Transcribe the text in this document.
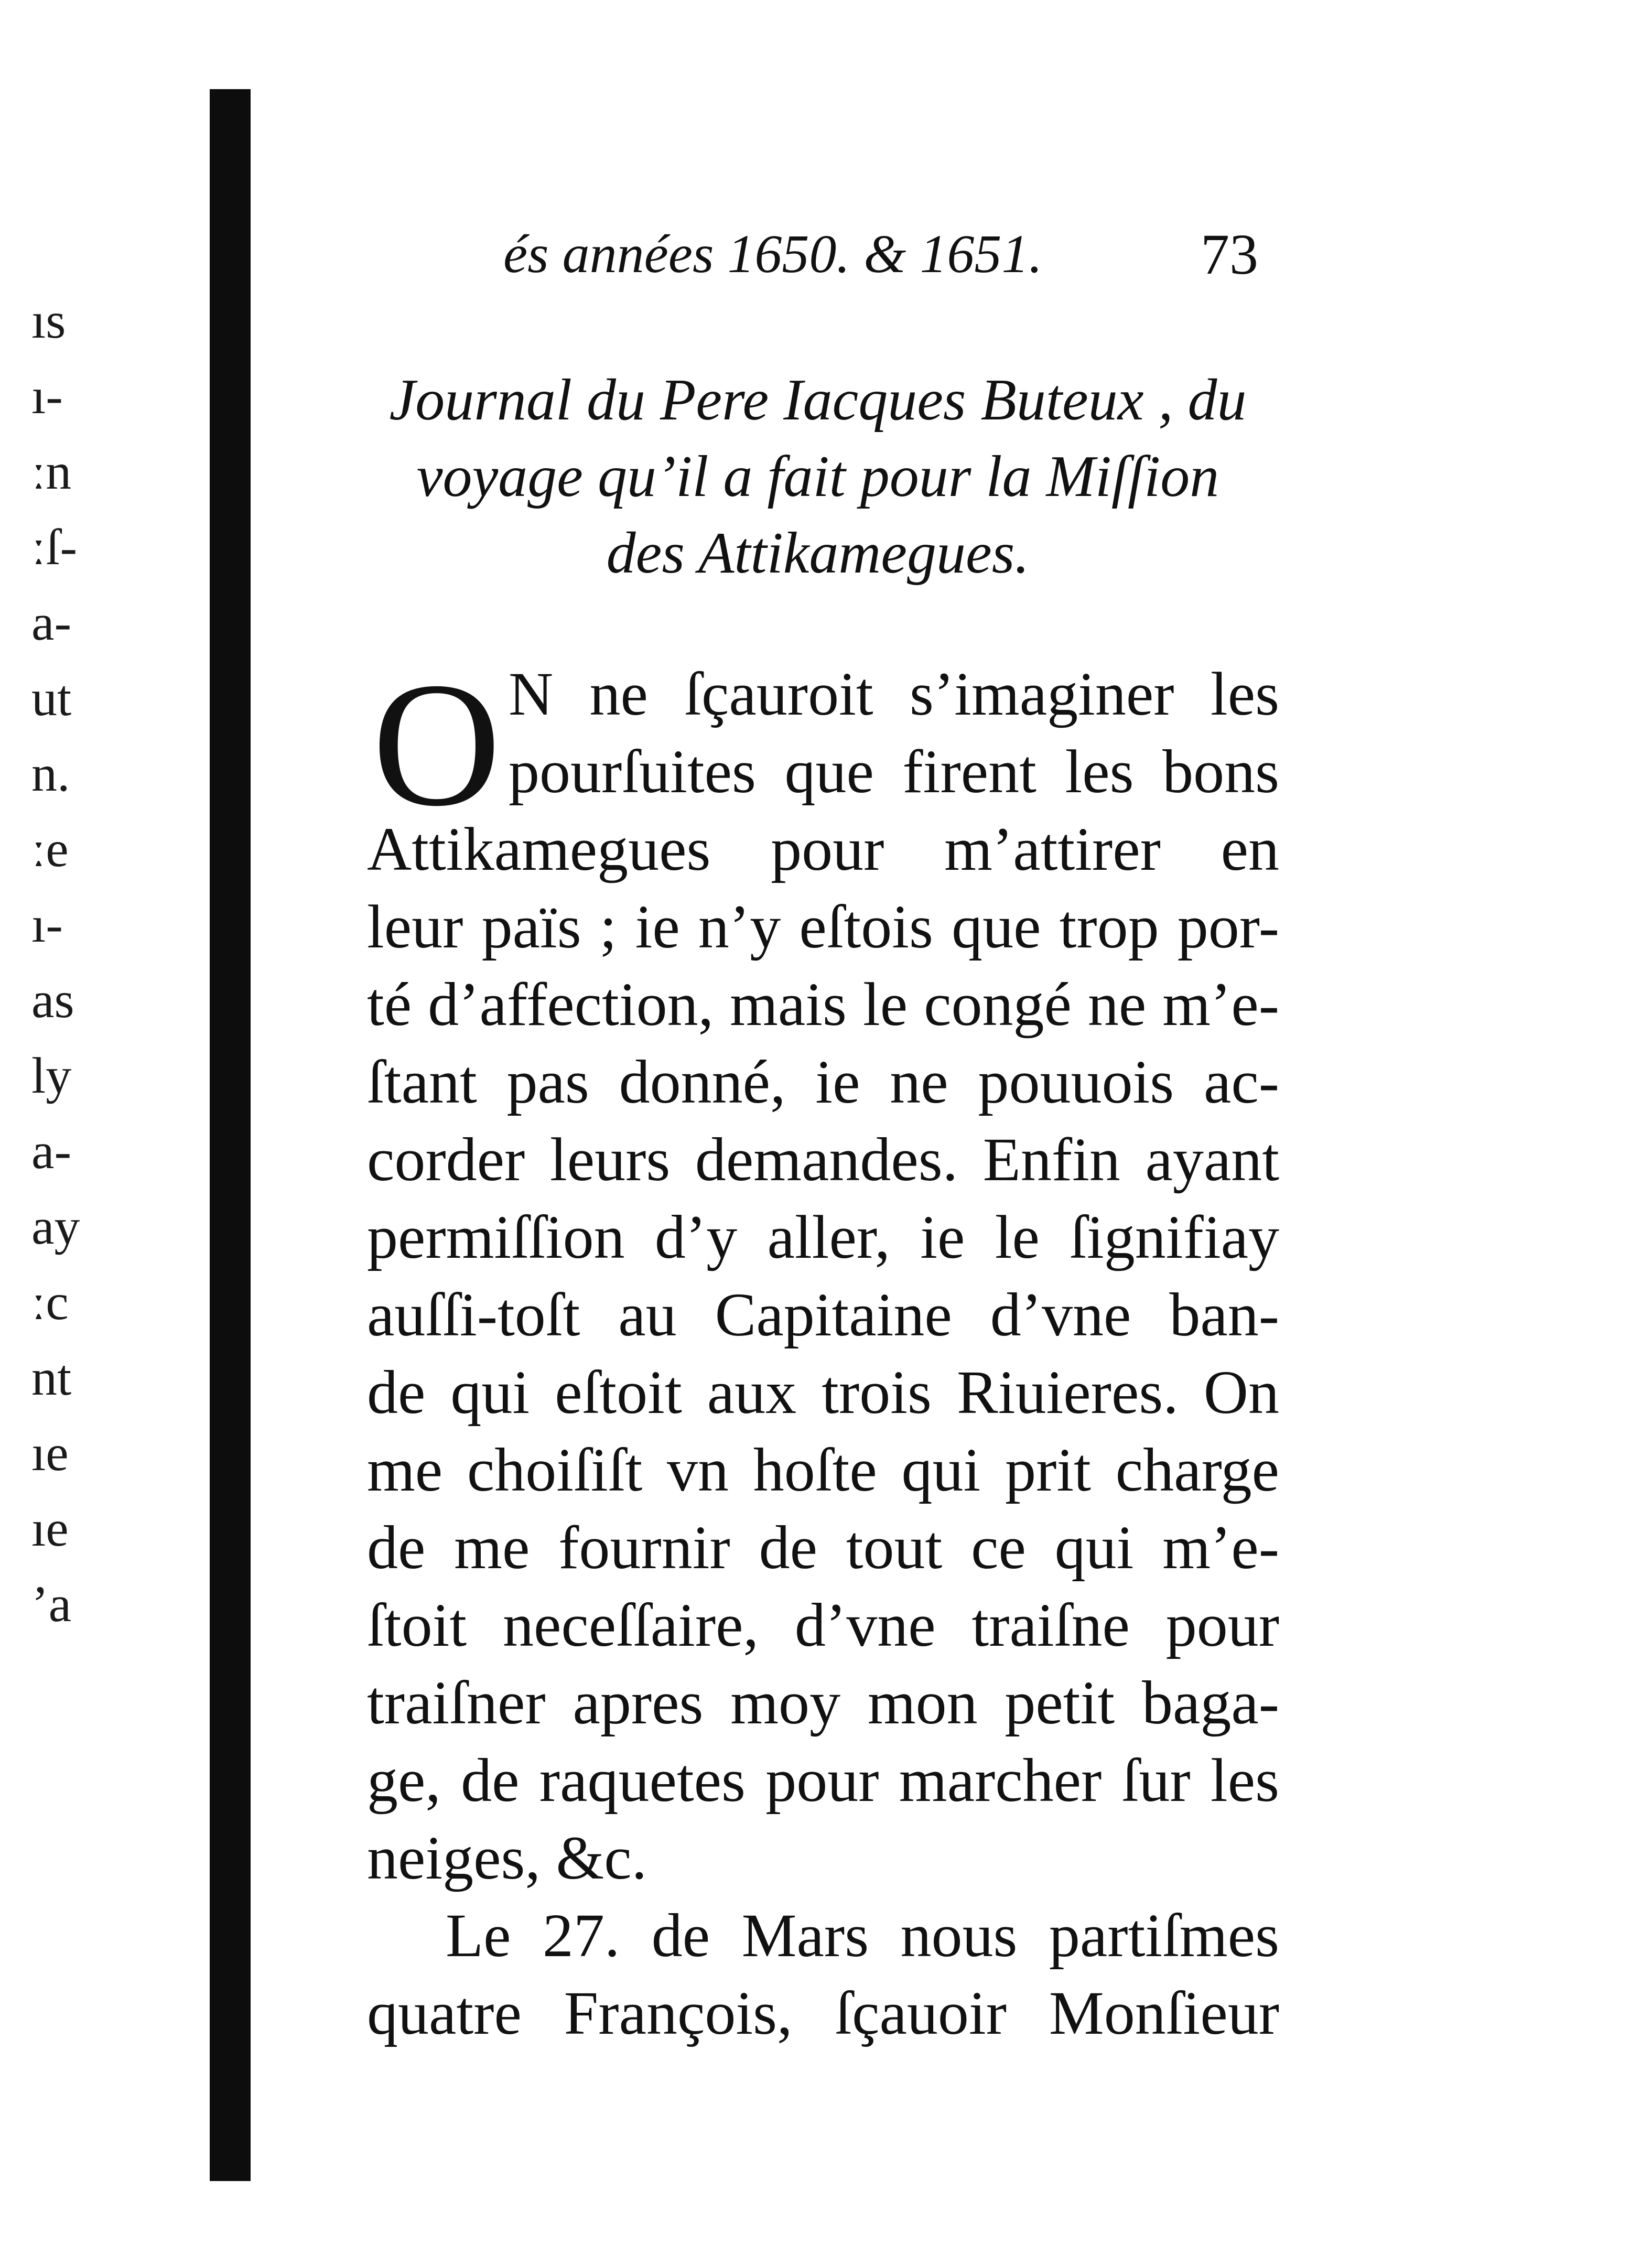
ıs
ı-
ːn
ːſ-
a-
ut
n.
ːe
ı-
as
ly
a-
ay
ːc
nt
ıe
ıe
’a
és années 1650. & 1651.	73
Journal du Pere Iacques Buteux , du
voyage qu’il a fait pour la Miſſion
des Attikamegues.
O N ne ſçauroit s’imaginer les
pourſuites que firent les bons
Attikamegues pour m’attirer en
leur païs ; ie n’y eſtois que trop por-
té d’affection, mais le congé ne m’e-
ſtant pas donné, ie ne pouuois ac-
corder leurs demandes. Enfin ayant
permiſſion d’y aller, ie le ſignifiay
auſſi-toſt au Capitaine d’vne ban-
de qui eſtoit aux trois Riuieres. On
me choiſiſt vn hoſte qui prit charge
de me fournir de tout ce qui m’e-
ſtoit neceſſaire, d’vne traiſne pour
traiſner apres moy mon petit baga-
ge, de raquetes pour marcher ſur les
neiges, &c.
Le 27. de Mars nous partiſmes
quatre François, ſçauoir Monſieur
